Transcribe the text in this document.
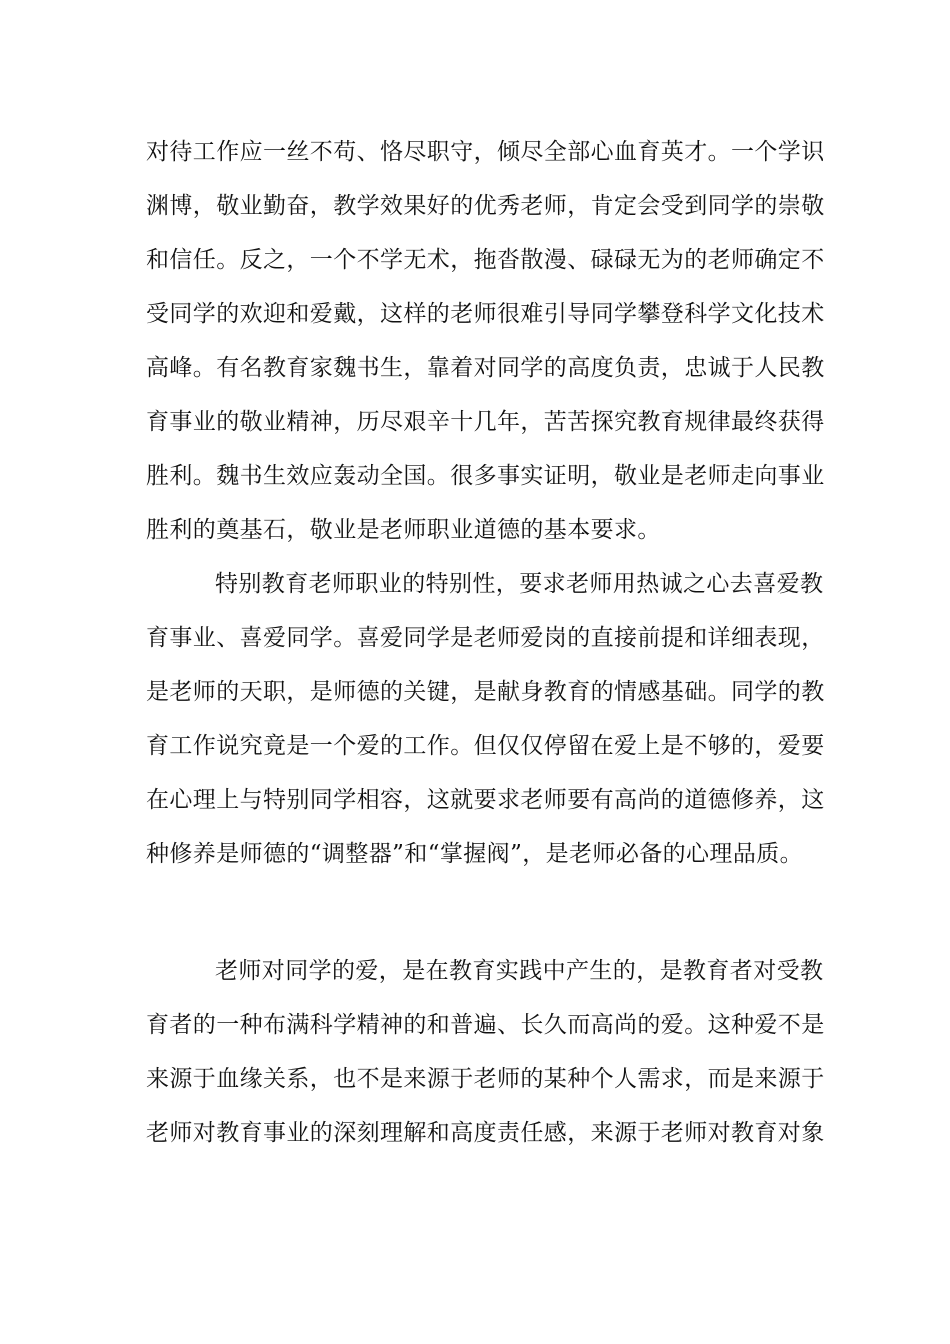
对待工作应一丝不苟、恪尽职守，倾尽全部心血育英才。一个学识
渊博，敬业勤奋，教学效果好的优秀老师，肯定会受到同学的崇敬
和信任。反之，一个不学无术，拖沓散漫、碌碌无为的老师确定不
受同学的欢迎和爱戴，这样的老师很难引导同学攀登科学文化技术
高峰。有名教育家魏书生，靠着对同学的高度负责，忠诚于人民教
育事业的敬业精神，历尽艰辛十几年，苦苦探究教育规律最终获得
胜利。魏书生效应轰动全国。很多事实证明，敬业是老师走向事业
胜利的奠基石，敬业是老师职业道德的基本要求。
特别教育老师职业的特别性，要求老师用热诚之心去喜爱教
育事业、喜爱同学。喜爱同学是老师爱岗的直接前提和详细表现，
是老师的天职，是师德的关键，是献身教育的情感基础。同学的教
育工作说究竟是一个爱的工作。但仅仅停留在爱上是不够的，爱要
在心理上与特别同学相容，这就要求老师要有高尚的道德修养，这
种修养是师德的“调整器”和“掌握阀”，是老师必备的心理品质。
老师对同学的爱，是在教育实践中产生的，是教育者对受教
育者的一种布满科学精神的和普遍、长久而高尚的爱。这种爱不是
来源于血缘关系，也不是来源于老师的某种个人需求，而是来源于
老师对教育事业的深刻理解和高度责任感，来源于老师对教育对象
